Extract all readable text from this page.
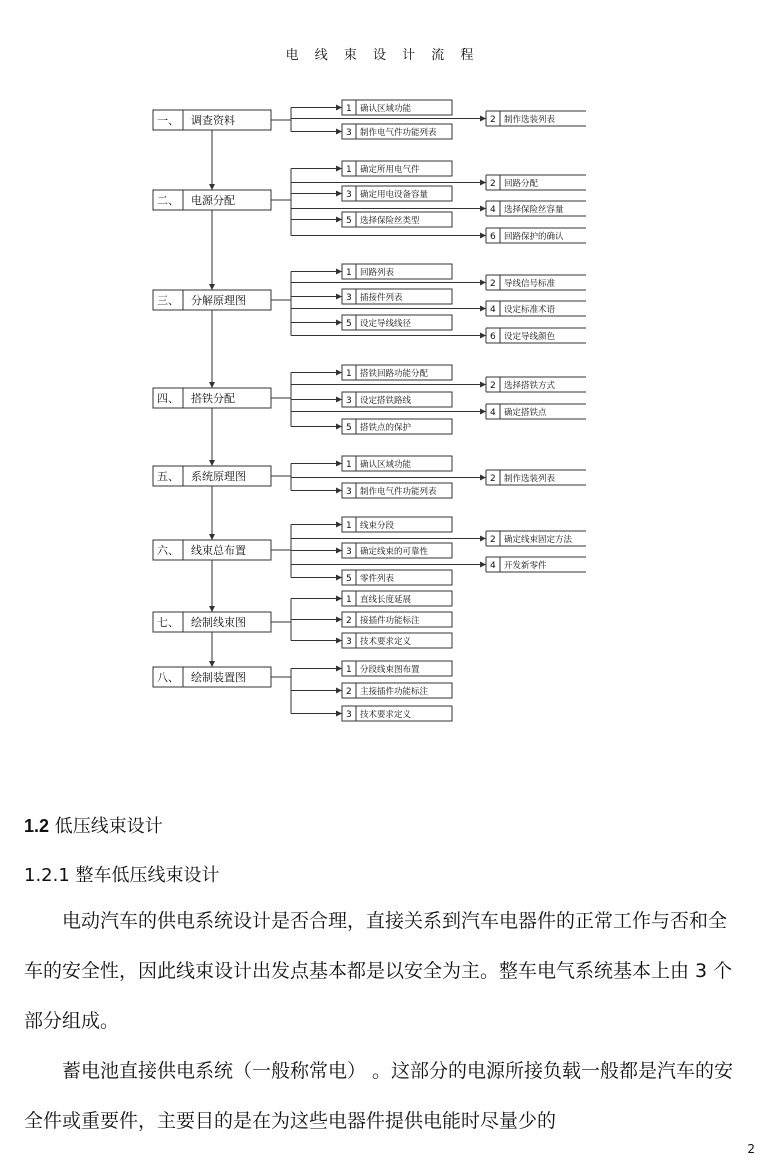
电 线 束 设 计 流 程
一、 调查资料
1 确认区域功能
3 制作电气件功能列表
2 制作选装列表
二、 电源分配
1 确定所用电气件
3 确定用电设备容量
5 选择保险丝类型
2 回路分配
4 选择保险丝容量
6 回路保护的确认
三、 分解原理图
1 回路列表
3 插接件列表
5 设定导线线径
2 导线信号标准
4 设定标准术语
6 设定导线颜色
四、 搭铁分配
1 搭铁回路功能分配
3 设定搭铁路线
5 搭铁点的保护
2 选择搭铁方式
4 确定搭铁点
五、 系统原理图
1 确认区域功能
3 制作电气件功能列表
2 制作选装列表
六、 线束总布置
1 线束分段
3 确定线束的可靠性
5 零件列表
2 确定线束固定方法
4 开发新零件
七、 绘制线束图
1 直线长度延展
2 接插件功能标注
3 技术要求定义
八、 绘制装置图
1 分段线束图布置
2 主接插件功能标注
3 技术要求定义
1.2 低压线束设计
1.2.1 整车低压线束设计

电动汽车的供电系统设计是否合理，直接关系到汽车电器件的正常工作与否和全车的安全性，因此线束设计出发点基本都是以安全为主。整车电气系统基本上由 3 个部分组成。

蓄电池直接供电系统（一般称常电） 。这部分的电源所接负载一般都是汽车的安全件或重要件，主要目的是在为这些电器件提供电能时尽量少的

2
